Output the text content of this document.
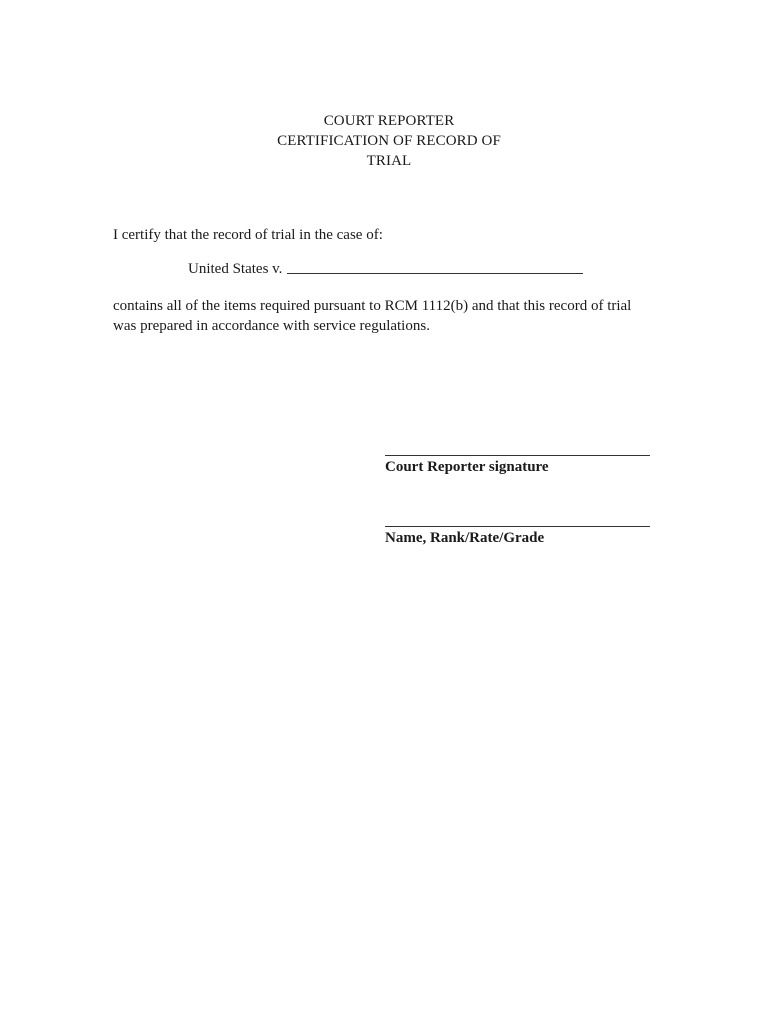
COURT REPORTER
CERTIFICATION OF RECORD OF
TRIAL
I certify that the record of trial in the case of:
United States v.
contains all of the items required pursuant to RCM 1112(b) and that this record of trial
was prepared in accordance with service regulations.
Court Reporter signature
Name, Rank/Rate/Grade
